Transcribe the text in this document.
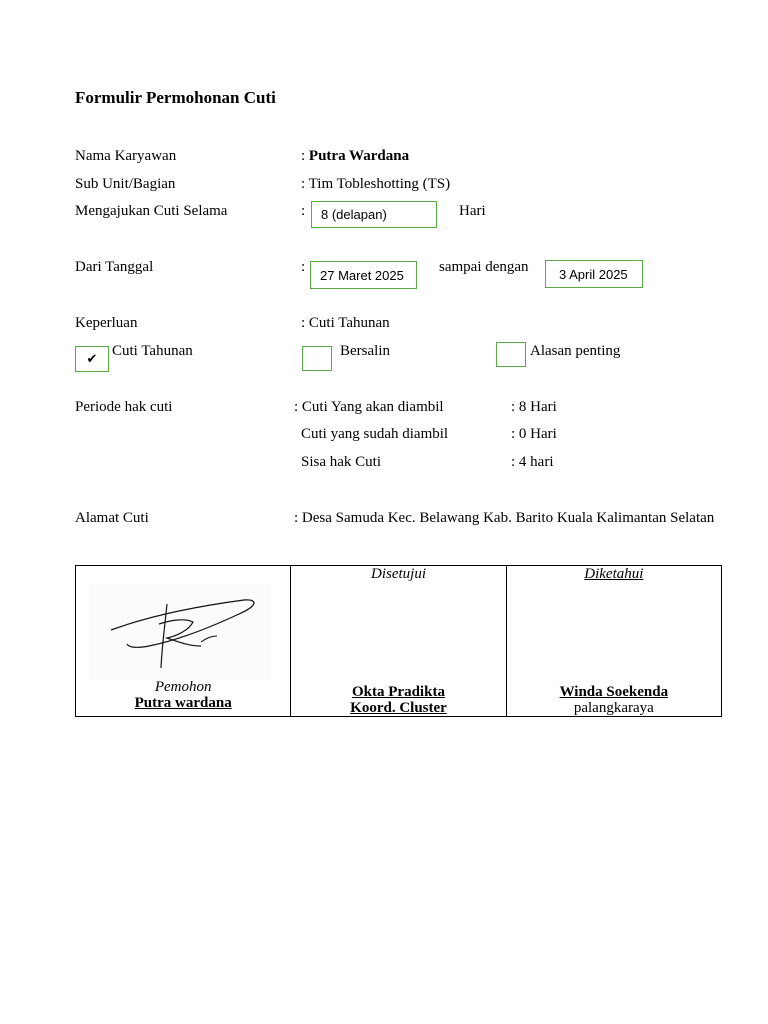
Formulir Permohonan Cuti
Nama Karyawan	: Putra Wardana
Sub Unit/Bagian	: Tim Tobleshotting (TS)
Mengajukan Cuti Selama	: 8 (delapan)	Hari
Dari Tanggal	: 27 Maret 2025 sampai dengan 3 April 2025
Keperluan	: Cuti Tahunan
✔ Cuti Tahunan	Bersalin	Alasan penting
Periode hak cuti	: Cuti Yang akan diambil	: 8 Hari
Cuti yang sudah diambil	: 0 Hari
Sisa hak Cuti	: 4 hari
Alamat Cuti	: Desa Samuda Kec. Belawang Kab. Barito Kuala Kalimantan Selatan
Pemohon
Putra wardana

Disetujui
Okta Pradikta
Koord. Cluster

Diketahui
Winda Soekenda
palangkaraya
